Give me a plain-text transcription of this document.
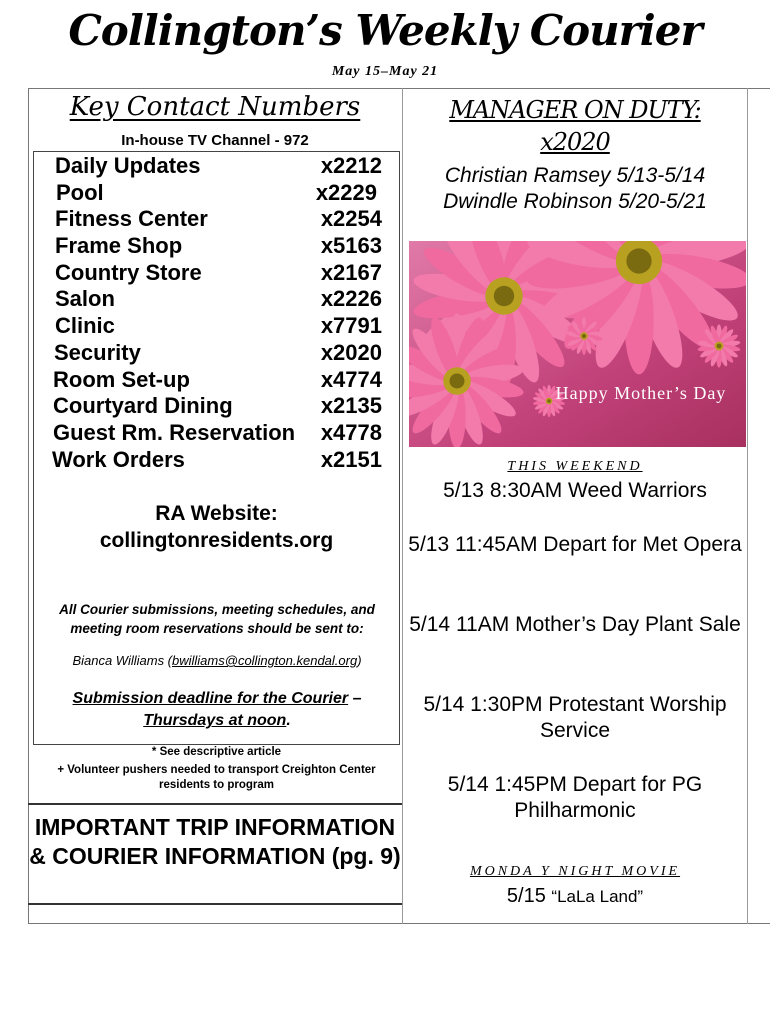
Collington’s Weekly Courier
May 15–May 21
Key Contact Numbers
In-house TV Channel - 972
Daily Updates	x2212
Pool	x2229
Fitness Center	x2254
Frame Shop	x5163
Country Store	x2167
Salon	x2226
Clinic	x7791
Security	x2020
Room Set-up	x4774
Courtyard Dining	x2135
Guest Rm. Reservation x4778
Work Orders	x2151
RA Website:
collingtonresidents.org
All Courier submissions, meeting schedules, and meeting room reservations should be sent to:
Bianca Williams (bwilliams@collington.kendal.org)
Submission deadline for the Courier – Thursdays at noon.
* See descriptive article
+ Volunteer pushers needed to transport Creighton Center residents to program
IMPORTANT TRIP INFORMATION & COURIER INFORMATION (pg. 9)
MANAGER ON DUTY:
x2020
Christian Ramsey 5/13-5/14
Dwindle Robinson 5/20-5/21
Happy Mother’s Day
THIS WEEKEND
5/13 8:30AM Weed Warriors
5/13 11:45AM Depart for Met Opera
5/14 11AM Mother’s Day Plant Sale
5/14 1:30PM Protestant Worship Service
5/14 1:45PM Depart for PG Philharmonic
MONDA Y NIGHT MOVIE
5/15 “LaLa Land”
